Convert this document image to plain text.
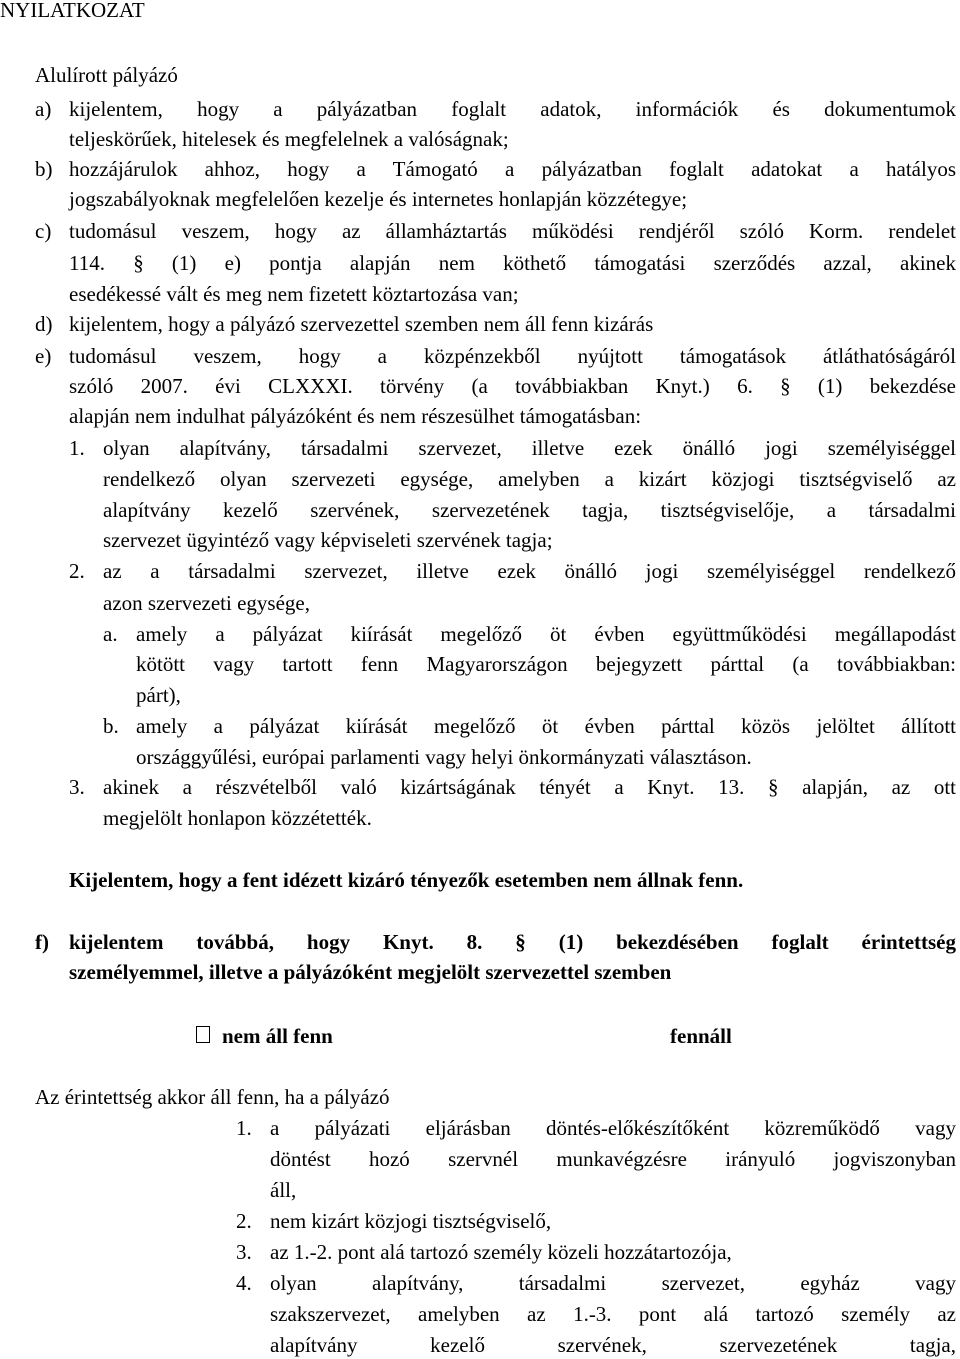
NYILATKOZAT
Alulírott pályázó
a) kijelentem, hogy a pályázatban foglalt adatok, információk és dokumentumok
teljeskörűek, hitelesek és megfelelnek a valóságnak;
b) hozzájárulok ahhoz, hogy a Támogató a pályázatban foglalt adatokat a hatályos
jogszabályoknak megfelelően kezelje és internetes honlapján közzétegye;
c) tudomásul veszem, hogy az államháztartás működési rendjéről szóló Korm. rendelet
114. § (1) e) pontja alapján nem köthető támogatási szerződés azzal, akinek
esedékessé vált és meg nem fizetett köztartozása van;
d) kijelentem, hogy a pályázó szervezettel szemben nem áll fenn kizárás
e) tudomásul veszem, hogy a közpénzekből nyújtott támogatások átláthatóságáról
szóló 2007. évi CLXXXI. törvény (a továbbiakban Knyt.) 6. § (1) bekezdése
alapján nem indulhat pályázóként és nem részesülhet támogatásban:
1. olyan alapítvány, társadalmi szervezet, illetve ezek önálló jogi személyiséggel
rendelkező olyan szervezeti egysége, amelyben a kizárt közjogi tisztségviselő az
alapítvány kezelő szervének, szervezetének tagja, tisztségviselője, a társadalmi
szervezet ügyintéző vagy képviseleti szervének tagja;
2. az a társadalmi szervezet, illetve ezek önálló jogi személyiséggel rendelkező
azon szervezeti egysége,
a. amely a pályázat kiírását megelőző öt évben együttműködési megállapodást
kötött vagy tartott fenn Magyarországon bejegyzett párttal (a továbbiakban:
párt),
b. amely a pályázat kiírását megelőző öt évben párttal közös jelöltet állított
országgyűlési, európai parlamenti vagy helyi önkormányzati választáson.
3. akinek a részvételből való kizártságának tényét a Knyt. 13. § alapján, az ott
megjelölt honlapon közzétették.
Kijelentem, hogy a fent idézett kizáró tényezők esetemben nem állnak fenn.
f) kijelentem továbbá, hogy Knyt. 8. § (1) bekezdésében foglalt érintettség
személyemmel, illetve a pályázóként megjelölt szervezettel szemben
nem áll fenn	fennáll
Az érintettség akkor áll fenn, ha a pályázó
1. a pályázati eljárásban döntés-előkészítőként közreműködő vagy
döntést hozó szervnél munkavégzésre irányuló jogviszonyban
áll,
2. nem kizárt közjogi tisztségviselő,
3. az 1.-2. pont alá tartozó személy közeli hozzátartozója,
4. olyan alapítvány, társadalmi szervezet, egyház vagy
szakszervezet, amelyben az 1.-3. pont alá tartozó személy az
alapítvány kezelő szervének, szervezetének tagja,
